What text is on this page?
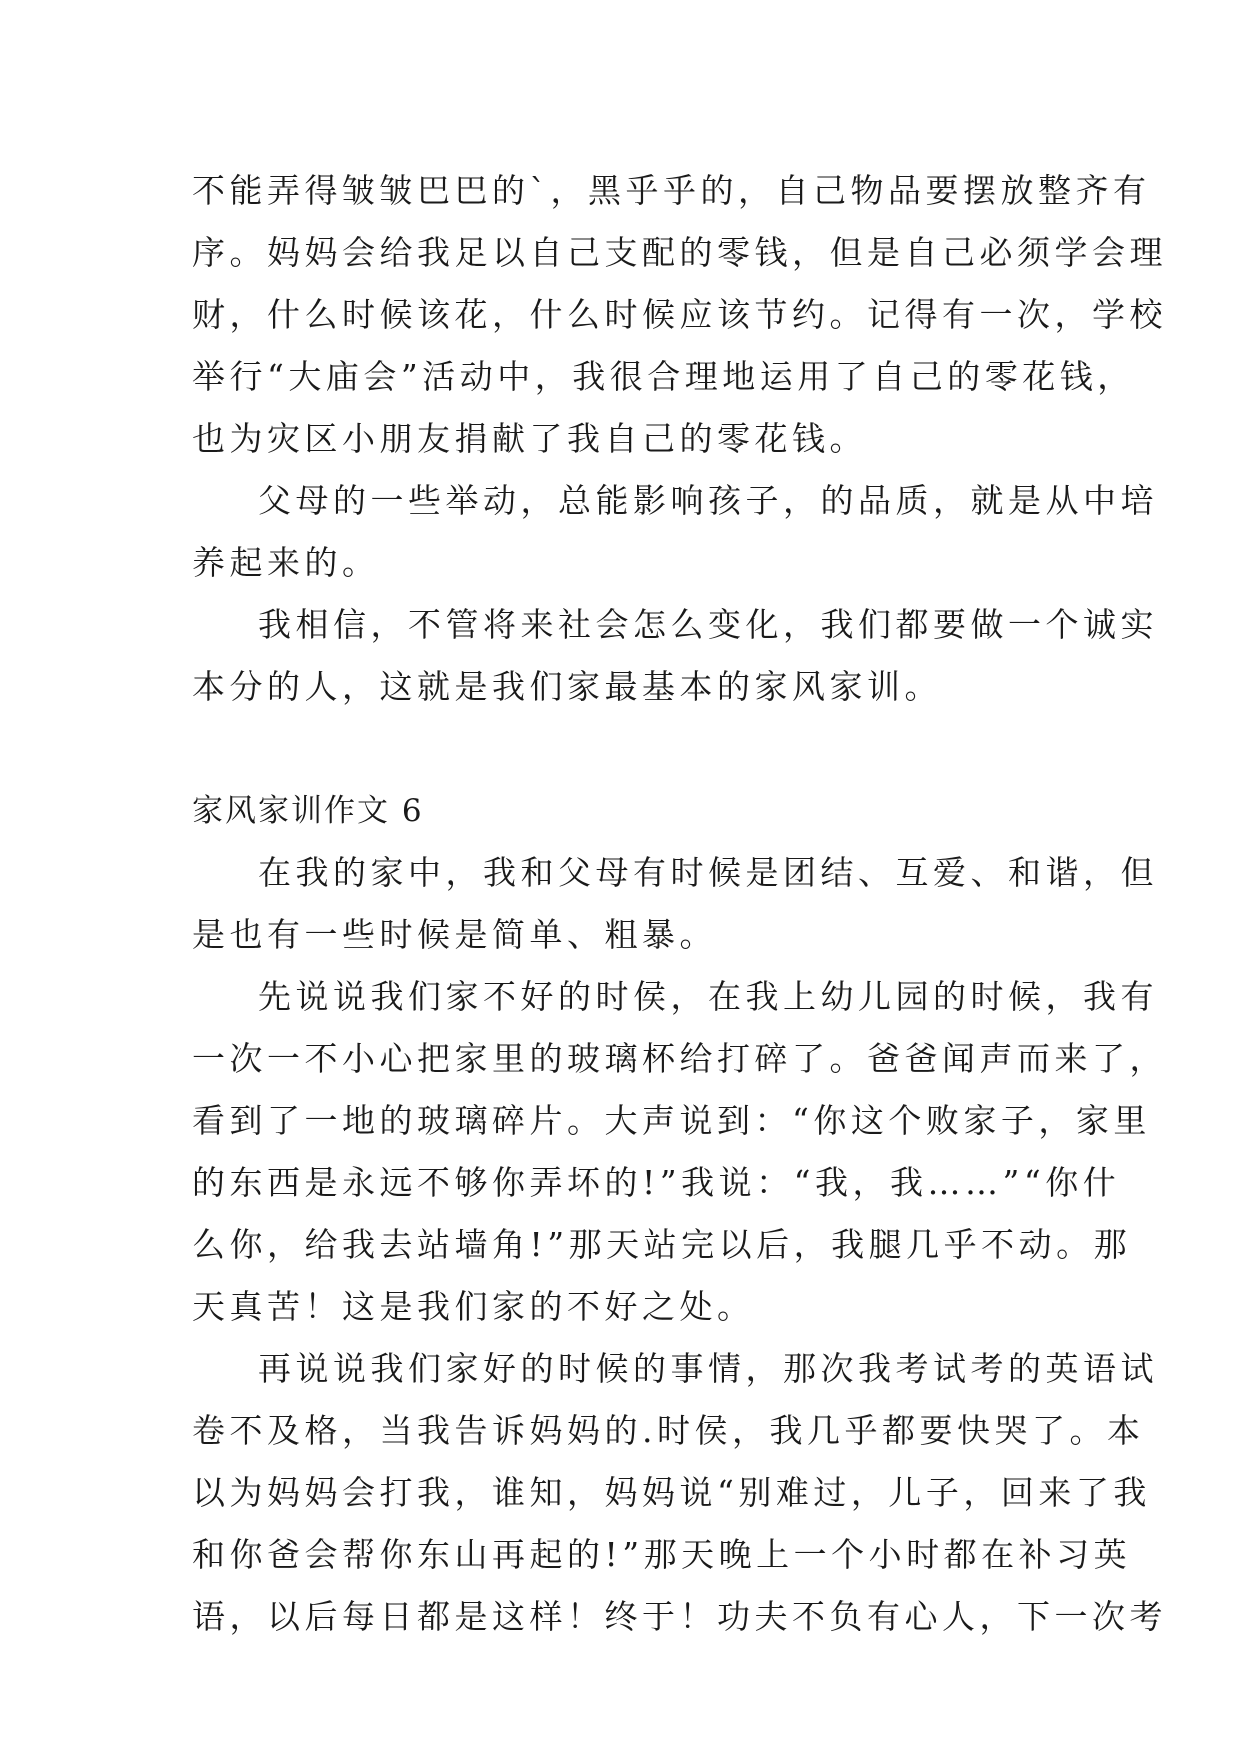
不能弄得皱皱巴巴的`，黑乎乎的，自己物品要摆放整齐有
序。妈妈会给我足以自己支配的零钱，但是自己必须学会理
财，什么时候该花，什么时候应该节约。记得有一次，学校
举行“大庙会”活动中，我很合理地运用了自己的零花钱，
也为灾区小朋友捐献了我自己的零花钱。
父母的一些举动，总能影响孩子，的品质，就是从中培
养起来的。
我相信，不管将来社会怎么变化，我们都要做一个诚实
本分的人，这就是我们家最基本的家风家训。
家风家训作文 6
在我的家中，我和父母有时候是团结、互爱、和谐，但
是也有一些时候是简单、粗暴。
先说说我们家不好的时侯，在我上幼儿园的时候，我有
一次一不小心把家里的玻璃杯给打碎了。爸爸闻声而来了，
看到了一地的玻璃碎片。大声说到：“你这个败家子，家里
的东西是永远不够你弄坏的!”我说：“我，我……”“你什
么你，给我去站墙角!”那天站完以后，我腿几乎不动。那
天真苦！这是我们家的不好之处。
再说说我们家好的时候的事情，那次我考试考的英语试
卷不及格，当我告诉妈妈的.时侯，我几乎都要快哭了。本
以为妈妈会打我，谁知，妈妈说“别难过，儿子，回来了我
和你爸会帮你东山再起的!”那天晚上一个小时都在补习英
语，以后每日都是这样！终于！功夫不负有心人，下一次考
